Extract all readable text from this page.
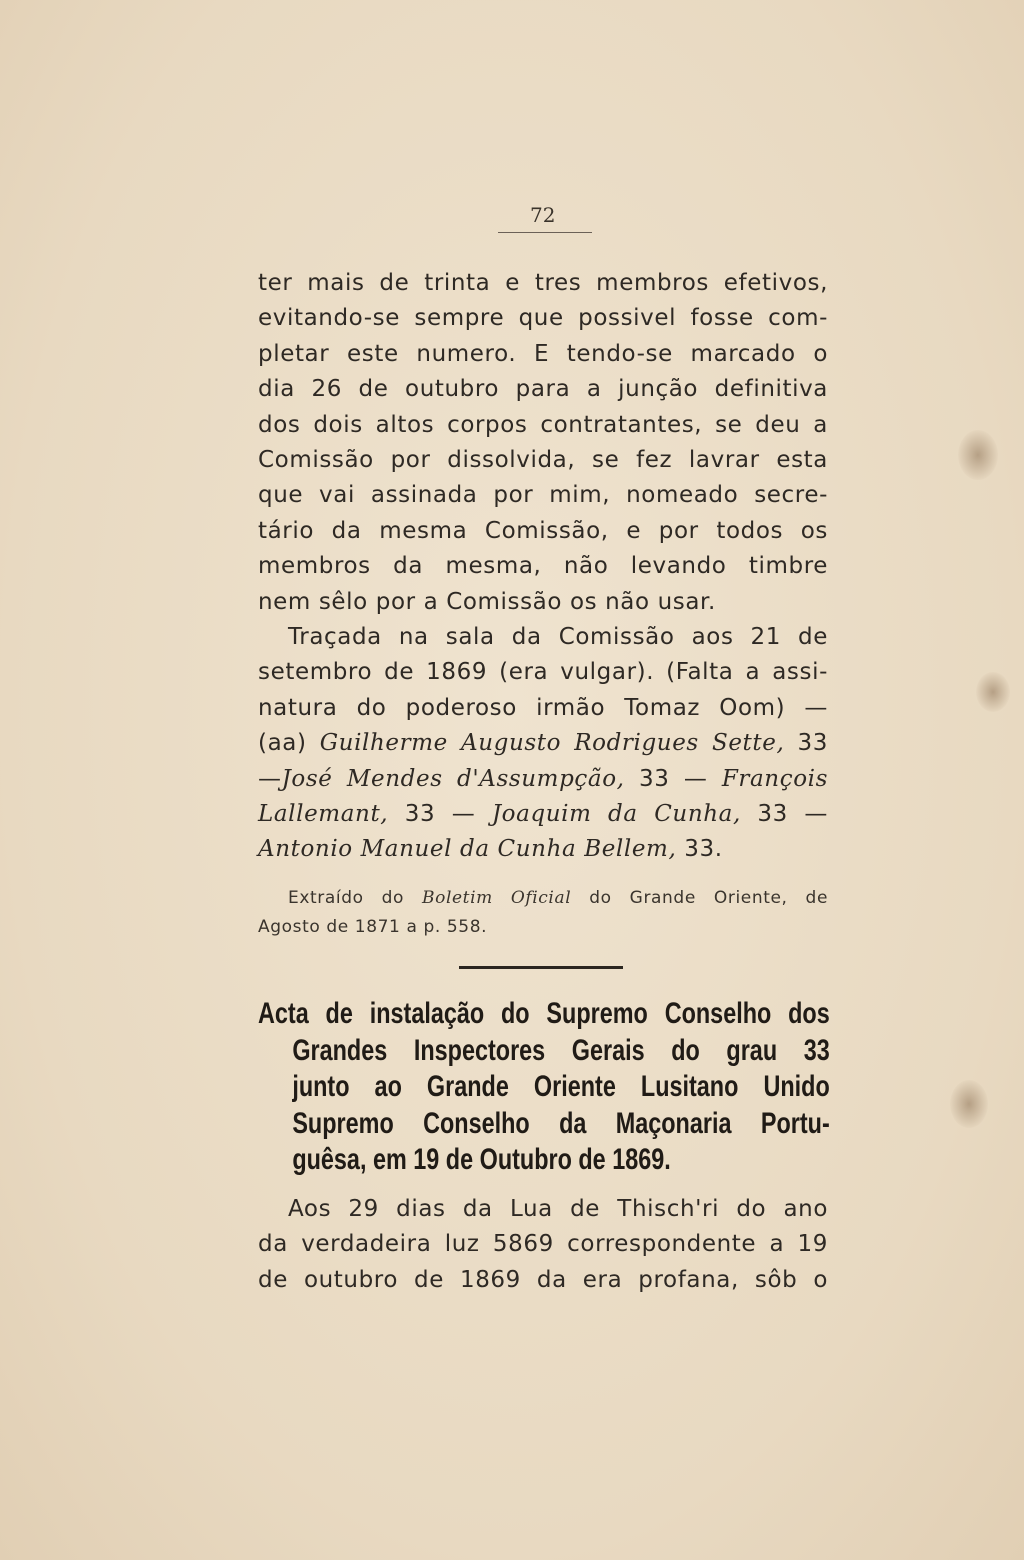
72
ter mais de trinta e tres membros efetivos,
evitando-se sempre que possivel fosse com-
pletar este numero. E tendo-se marcado o
dia 26 de outubro para a junção definitiva
dos dois altos corpos contratantes, se deu a
Comissão por dissolvida, se fez lavrar esta
que vai assinada por mim, nomeado secre-
tário da mesma Comissão, e por todos os
membros da mesma, não levando timbre
nem sêlo por a Comissão os não usar.
Traçada na sala da Comissão aos 21 de
setembro de 1869 (era vulgar). (Falta a assi-
natura do poderoso irmão Tomaz Oom) —
(aa) Guilherme Augusto Rodrigues Sette, 33
—José Mendes d'Assumpção, 33 — François
Lallemant, 33 — Joaquim da Cunha, 33 —
Antonio Manuel da Cunha Bellem, 33.
Extraído do Boletim Oficial do Grande Oriente, de
Agosto de 1871 a p. 558.
Acta de instalação do Supremo Conselho dos
Grandes Inspectores Gerais do grau 33
junto ao Grande Oriente Lusitano Unido
Supremo Conselho da Maçonaria Portu-
guêsa, em 19 de Outubro de 1869.
Aos 29 dias da Lua de Thisch'ri do ano
da verdadeira luz 5869 correspondente a 19
de outubro de 1869 da era profana, sôb o
